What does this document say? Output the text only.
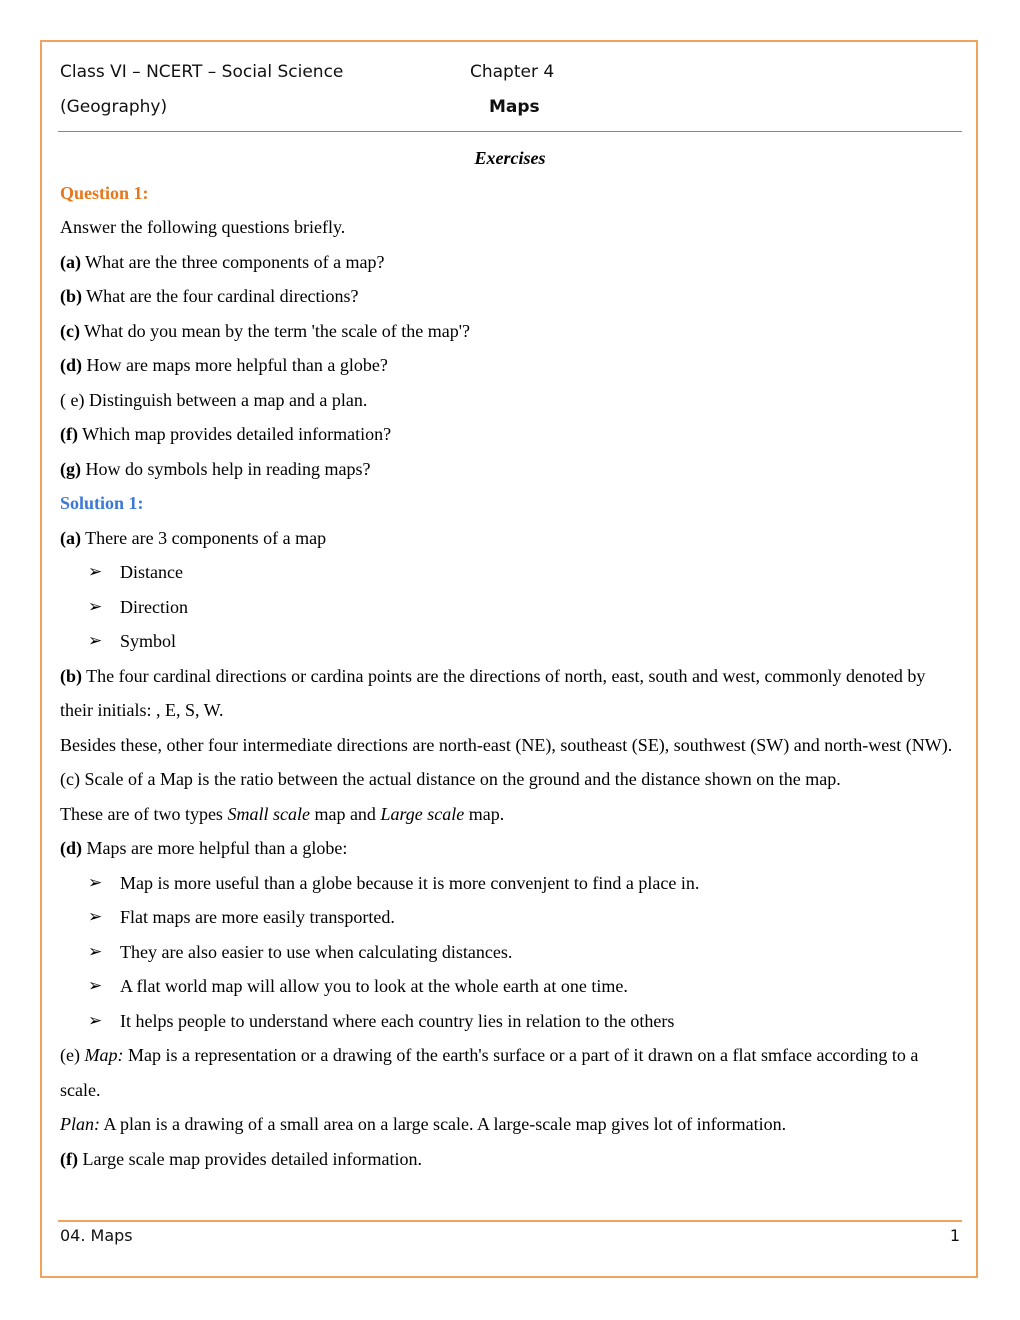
Class VI – NCERT – Social Science
(Geography)
Chapter 4
Maps
Exercises
Question 1:
Answer the following questions briefly.
(a) What are the three components of a map?
(b) What are the four cardinal directions?
(c) What do you mean by the term 'the scale of the map'?
(d) How are maps more helpful than a globe?
( e) Distinguish between a map and a plan.
(f) Which map provides detailed information?
(g) How do symbols help in reading maps?
Solution 1:
(a) There are 3 components of a map
➢ Distance
➢ Direction
➢ Symbol
(b) The four cardinal directions or cardina points are the directions of north, east, south and west, commonly denoted by their initials: , E, S, W.
Besides these, other four intermediate directions are north-east (NE), southeast (SE), southwest (SW) and north-west (NW).
(c) Scale of a Map is the ratio between the actual distance on the ground and the distance shown on the map.
These are of two types Small scale map and Large scale map.
(d) Maps are more helpful than a globe:
➢ Map is more useful than a globe because it is more convenjent to find a place in.
➢ Flat maps are more easily transported.
➢ They are also easier to use when calculating distances.
➢ A flat world map will allow you to look at the whole earth at one time.
➢ It helps people to understand where each country lies in relation to the others
(e) Map: Map is a representation or a drawing of the earth's surface or a part of it drawn on a flat smface according to a scale.
Plan: A plan is a drawing of a small area on a large scale. A large-scale map gives lot of information.
(f) Large scale map provides detailed information.
04. Maps	1
